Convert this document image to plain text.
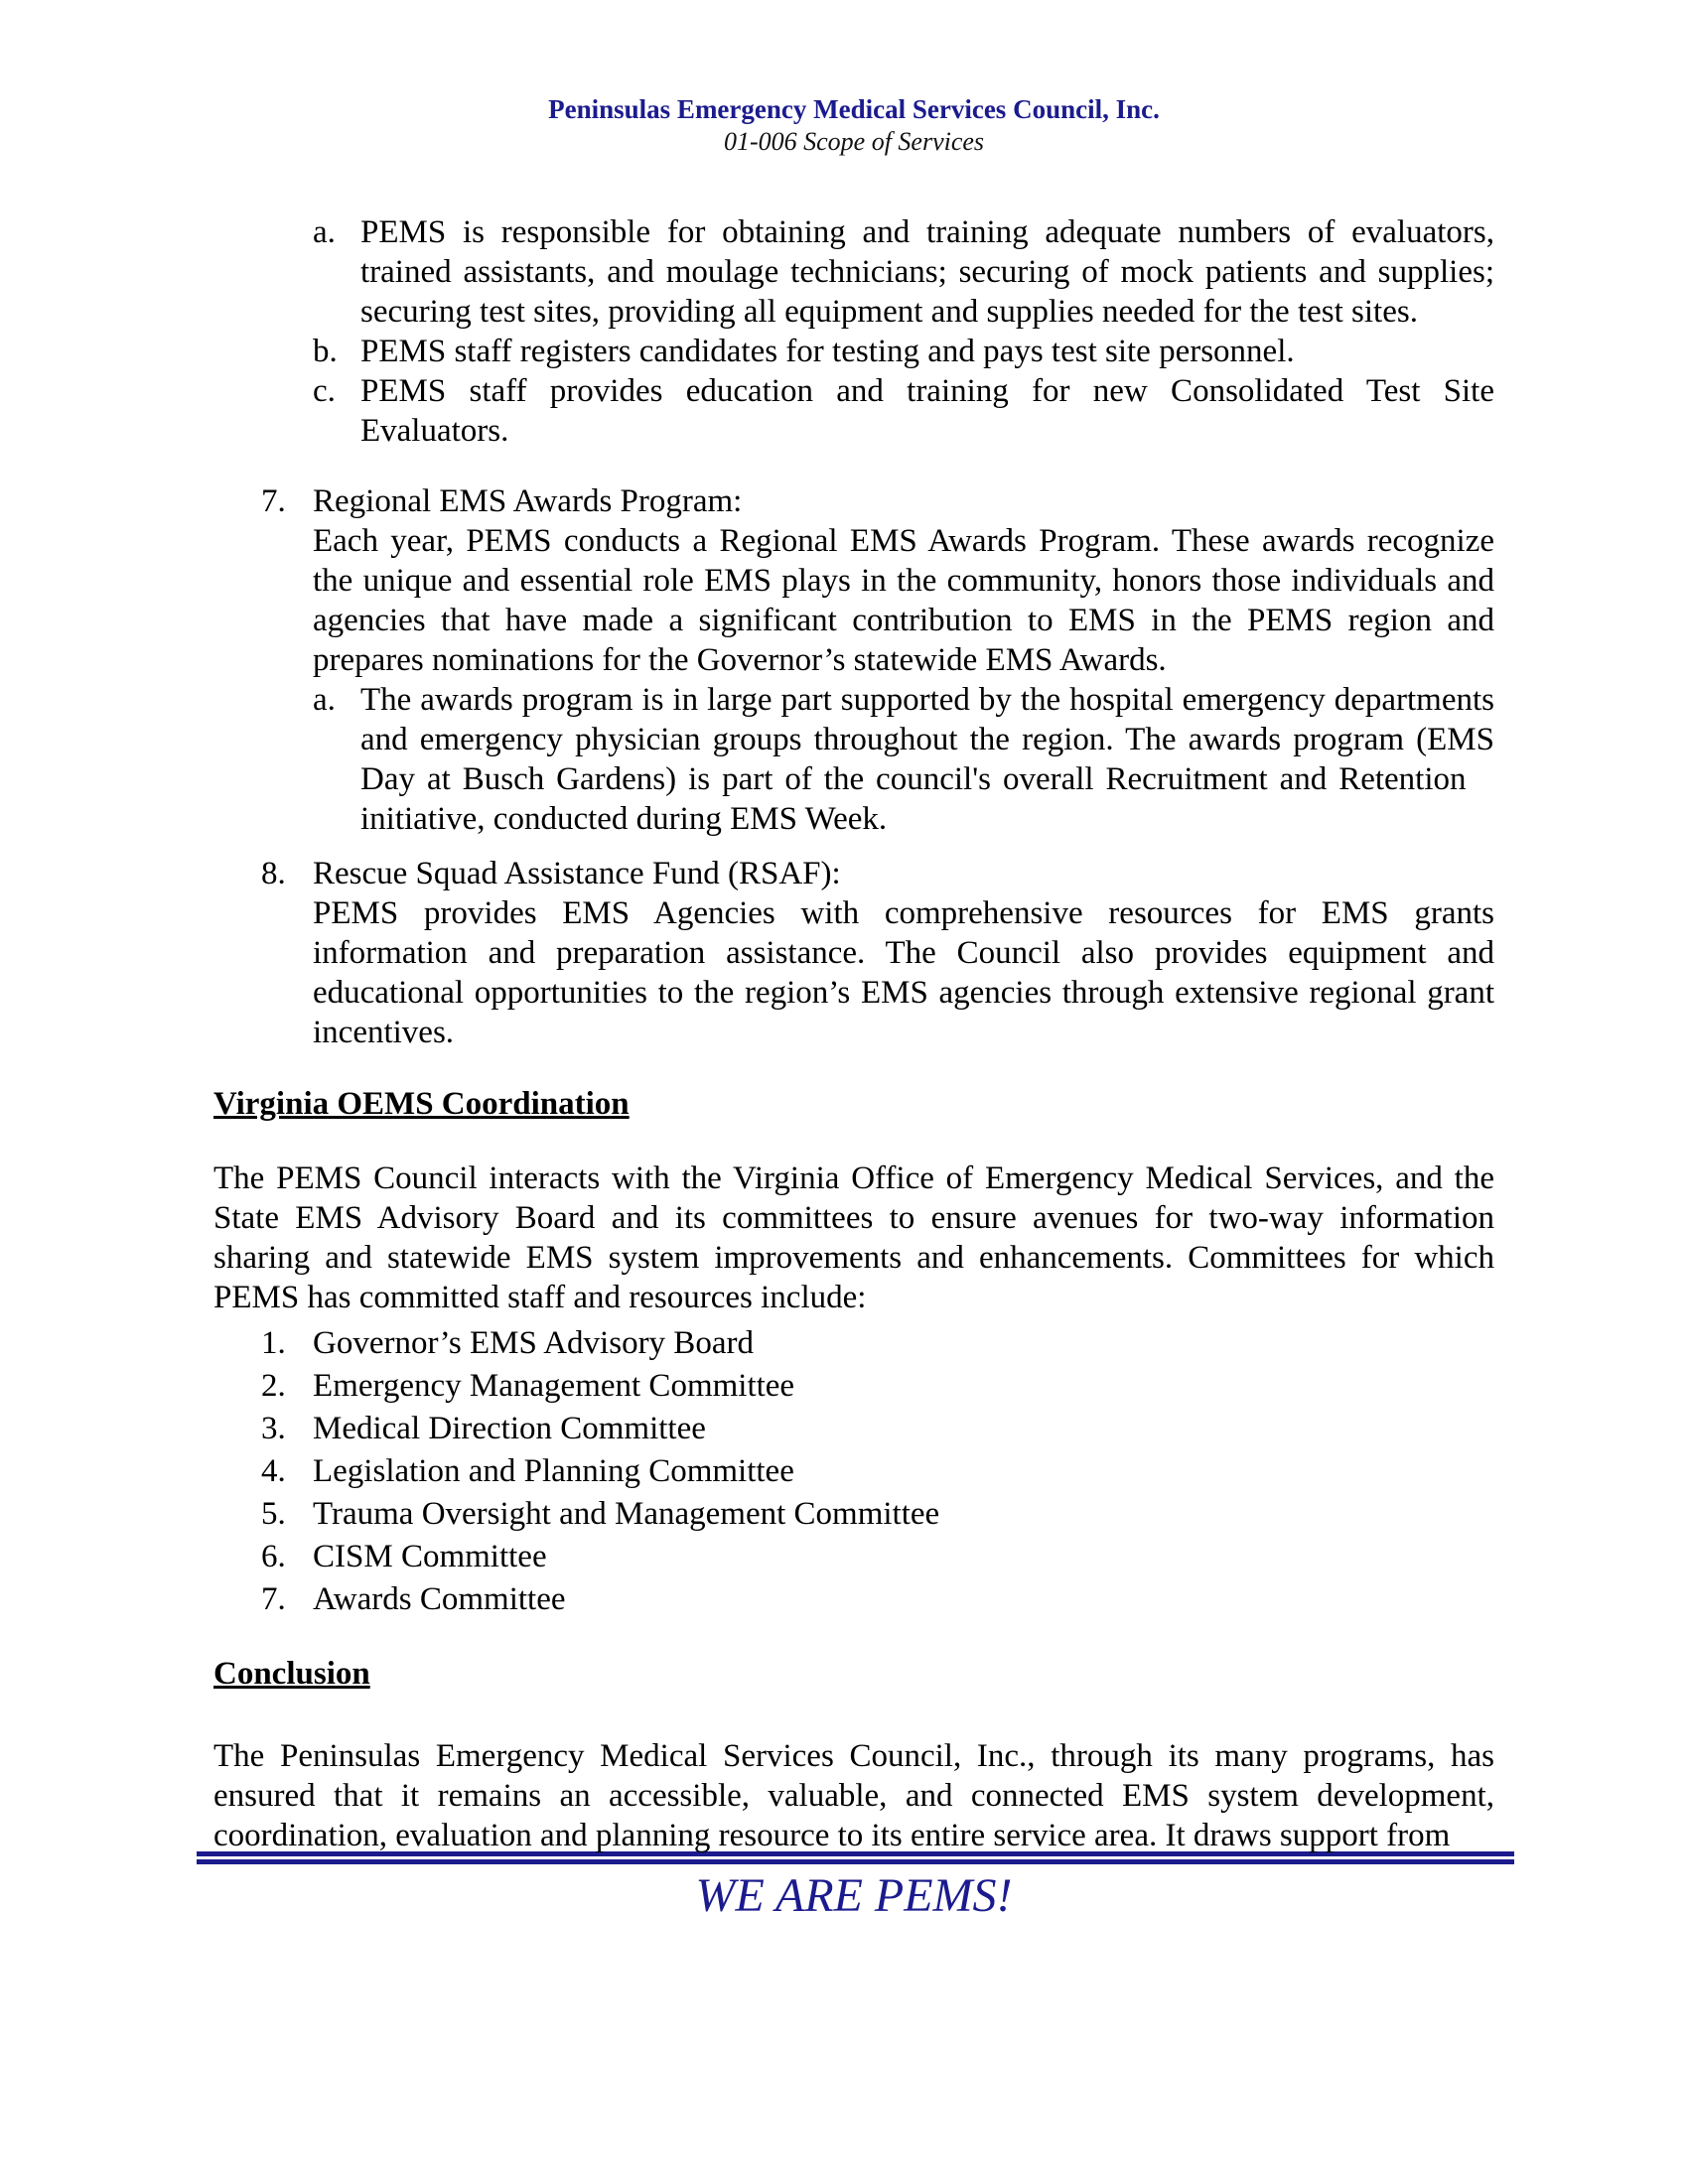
Peninsulas Emergency Medical Services Council, Inc.
01-006 Scope of Services
a. PEMS is responsible for obtaining and training adequate numbers of evaluators, trained assistants, and moulage technicians; securing of mock patients and supplies; securing test sites, providing all equipment and supplies needed for the test sites.
b. PEMS staff registers candidates for testing and pays test site personnel.
c. PEMS staff provides education and training for new Consolidated Test Site Evaluators.
7. Regional EMS Awards Program:
Each year, PEMS conducts a Regional EMS Awards Program. These awards recognize the unique and essential role EMS plays in the community, honors those individuals and agencies that have made a significant contribution to EMS in the PEMS region and prepares nominations for the Governor’s statewide EMS Awards.
a. The awards program is in large part supported by the hospital emergency departments and emergency physician groups throughout the region. The awards program (EMS Day at Busch Gardens) is part of the council's overall Recruitment and Retention  initiative, conducted during EMS Week.
8. Rescue Squad Assistance Fund (RSAF):
PEMS provides EMS Agencies with comprehensive resources for EMS grants information and preparation assistance. The Council also provides equipment and educational opportunities to the region’s EMS agencies through extensive regional grant incentives.
Virginia OEMS Coordination
The PEMS Council interacts with the Virginia Office of Emergency Medical Services, and the State EMS Advisory Board and its committees to ensure avenues for two-way information sharing and statewide EMS system improvements and enhancements. Committees for which PEMS has committed staff and resources include:
1. Governor’s EMS Advisory Board
2. Emergency Management Committee
3. Medical Direction Committee
4. Legislation and Planning Committee
5. Trauma Oversight and Management Committee
6. CISM Committee
7. Awards Committee
Conclusion
The Peninsulas Emergency Medical Services Council, Inc., through its many programs, has ensured that it remains an accessible, valuable, and connected EMS system development, coordination, evaluation and planning resource to its entire service area. It draws support from
WE ARE PEMS!
